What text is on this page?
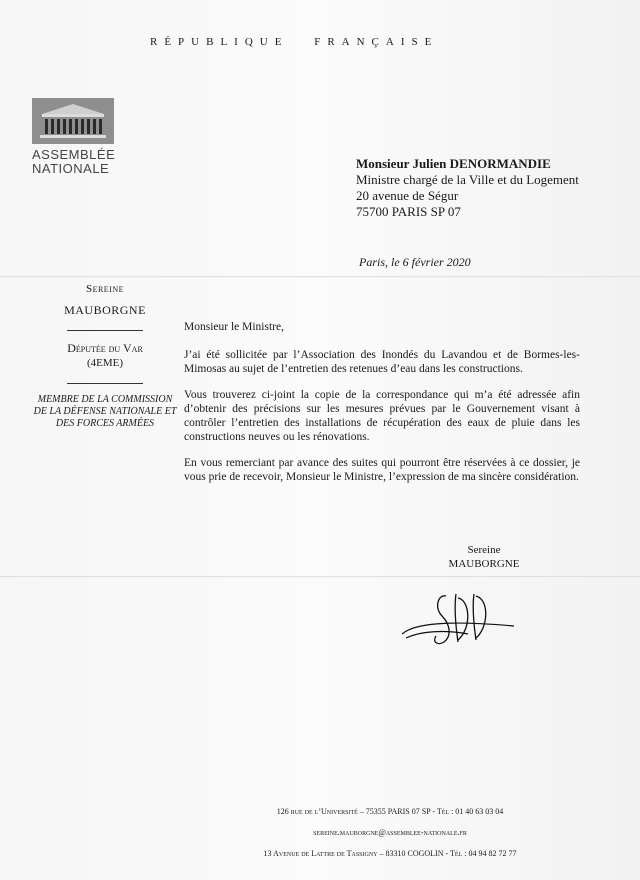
RÉPUBLIQUE FRANÇAISE
ASSEMBLÉE
NATIONALE	Monsieur Julien DENORMANDIE
Ministre chargé de la Ville et du Logement
20 avenue de Ségur
75700 PARIS SP 07
Paris, le 6 février 2020
Sereine
MAUBORGNE
Députée du Var
(4EME)
MEMBRE DE LA COMMISSION DE LA DÉFENSE NATIONALE ET DES FORCES ARMÉES

Monsieur le Ministre,

J’ai été sollicitée par l’Association des Inondés du Lavandou et de Bormes-les-Mimosas au sujet de l’entretien des retenues d’eau dans les constructions.

Vous trouverez ci-joint la copie de la correspondance qui m’a été adressée afin d’obtenir des précisions sur les mesures prévues par le Gouvernement visant à contrôler l’entretien des installations de récupération des eaux de pluie dans les constructions neuves ou les rénovations.

En vous remerciant par avance des suites qui pourront être réservées à ce dossier, je vous prie de recevoir, Monsieur le Ministre, l’expression de ma sincère considération.

Sereine
MAUBORGNE
126 rue de l’Université – 75355 PARIS 07 SP - Tél : 01 40 63 03 04
sereine.mauborgne@assemblee-nationale.fr
13 Avenue de Lattre de Tassigny – 83310 COGOLIN - Tél : 04 94 82 72 77
